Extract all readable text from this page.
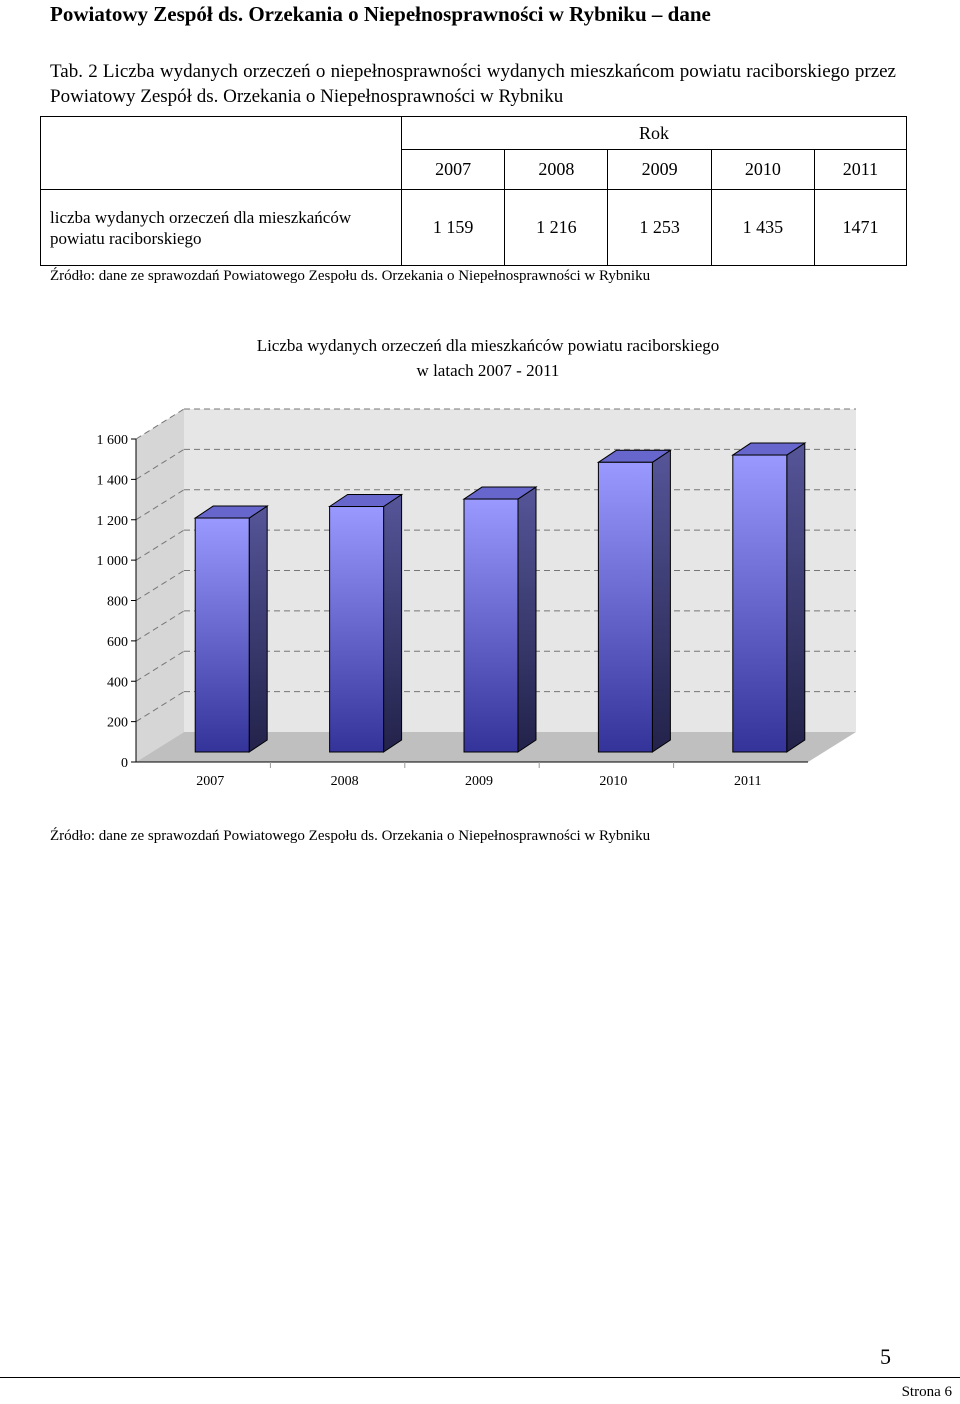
Powiatowy Zespół ds. Orzekania o Niepełnosprawności w Rybniku – dane
Tab. 2 Liczba wydanych orzeczeń o niepełnosprawności wydanych mieszkańcom powiatu raciborskiego przez Powiatowy Zespół ds. Orzekania o Niepełnosprawności w Rybniku
	Rok				
	2007	2008	2009	2010	2011
liczba wydanych orzeczeń dla mieszkańców powiatu raciborskiego	1 159	1 216	1 253	1 435	1471
Źródło: dane ze sprawozdań Powiatowego Zespołu ds. Orzekania o Niepełnosprawności w Rybniku
Liczba wydanych orzeczeń dla mieszkańców powiatu raciborskiego
w latach 2007 - 2011
0
200
400
600
800
1 000
1 200
1 400
1 600
2007	2008	2009	2010	2011
Źródło: dane ze sprawozdań Powiatowego Zespołu ds. Orzekania o Niepełnosprawności w Rybniku
5
Strona 6
